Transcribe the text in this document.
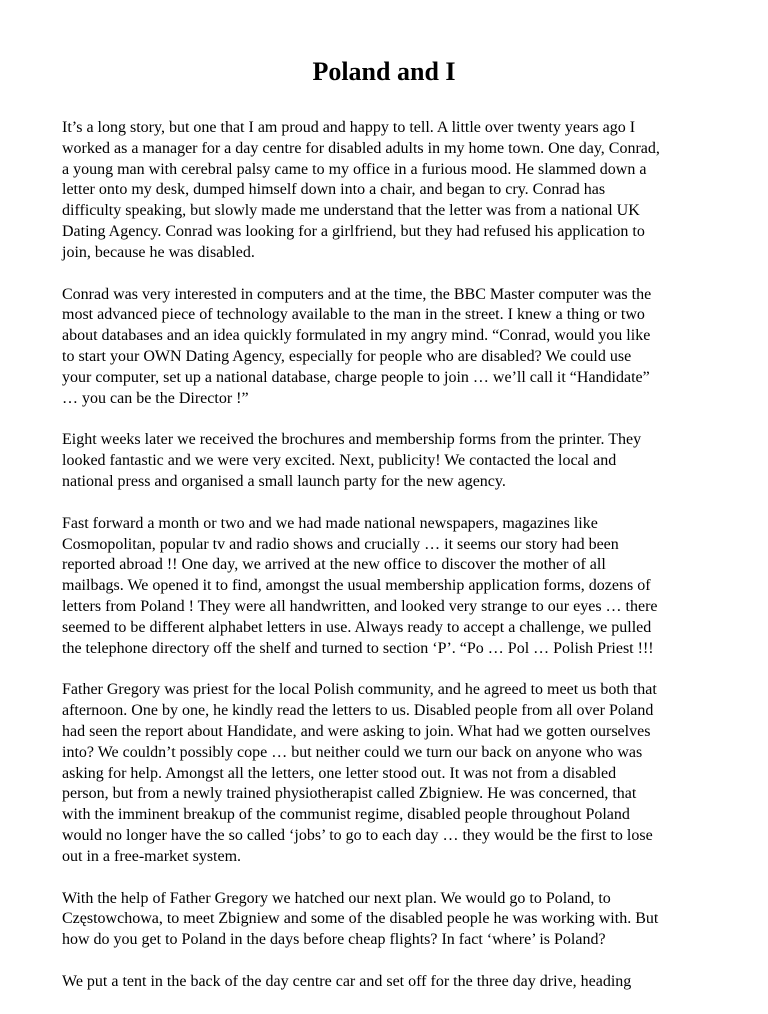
Poland and I

It’s a long story, but one that I am proud and happy to tell. A little over twenty years ago I
worked as a manager for a day centre for disabled adults in my home town. One day, Conrad,
a young man with cerebral palsy came to my office in a furious mood. He slammed down a
letter onto my desk, dumped himself down into a chair, and began to cry. Conrad has
difficulty speaking, but slowly made me understand that the letter was from a national UK
Dating Agency. Conrad was looking for a girlfriend, but they had refused his application to
join, because he was disabled.

Conrad was very interested in computers and at the time, the BBC Master computer was the
most advanced piece of technology available to the man in the street. I knew a thing or two
about databases and an idea quickly formulated in my angry mind. “Conrad, would you like
to start your OWN Dating Agency, especially for people who are disabled? We could use
your computer, set up a national database, charge people to join … we’ll call it “Handidate”
… you can be the Director !”

Eight weeks later we received the brochures and membership forms from the printer. They
looked fantastic and we were very excited. Next, publicity! We contacted the local and
national press and organised a small launch party for the new agency.

Fast forward a month or two and we had made national newspapers, magazines like
Cosmopolitan, popular tv and radio shows and crucially … it seems our story had been
reported abroad !! One day, we arrived at the new office to discover the mother of all
mailbags. We opened it to find, amongst the usual membership application forms, dozens of
letters from Poland ! They were all handwritten, and looked very strange to our eyes … there
seemed to be different alphabet letters in use. Always ready to accept a challenge, we pulled
the telephone directory off the shelf and turned to section ‘P’. “Po … Pol … Polish Priest !!!

Father Gregory was priest for the local Polish community, and he agreed to meet us both that
afternoon. One by one, he kindly read the letters to us. Disabled people from all over Poland
had seen the report about Handidate, and were asking to join. What had we gotten ourselves
into? We couldn’t possibly cope … but neither could we turn our back on anyone who was
asking for help. Amongst all the letters, one letter stood out. It was not from a disabled
person, but from a newly trained physiotherapist called Zbigniew. He was concerned, that
with the imminent breakup of the communist regime, disabled people throughout Poland
would no longer have the so called ‘jobs’ to go to each day … they would be the first to lose
out in a free-market system.

With the help of Father Gregory we hatched our next plan. We would go to Poland, to
Częstowchowa, to meet Zbigniew and some of the disabled people he was working with. But
how do you get to Poland in the days before cheap flights? In fact ‘where’ is Poland?

We put a tent in the back of the day centre car and set off for the three day drive, heading
